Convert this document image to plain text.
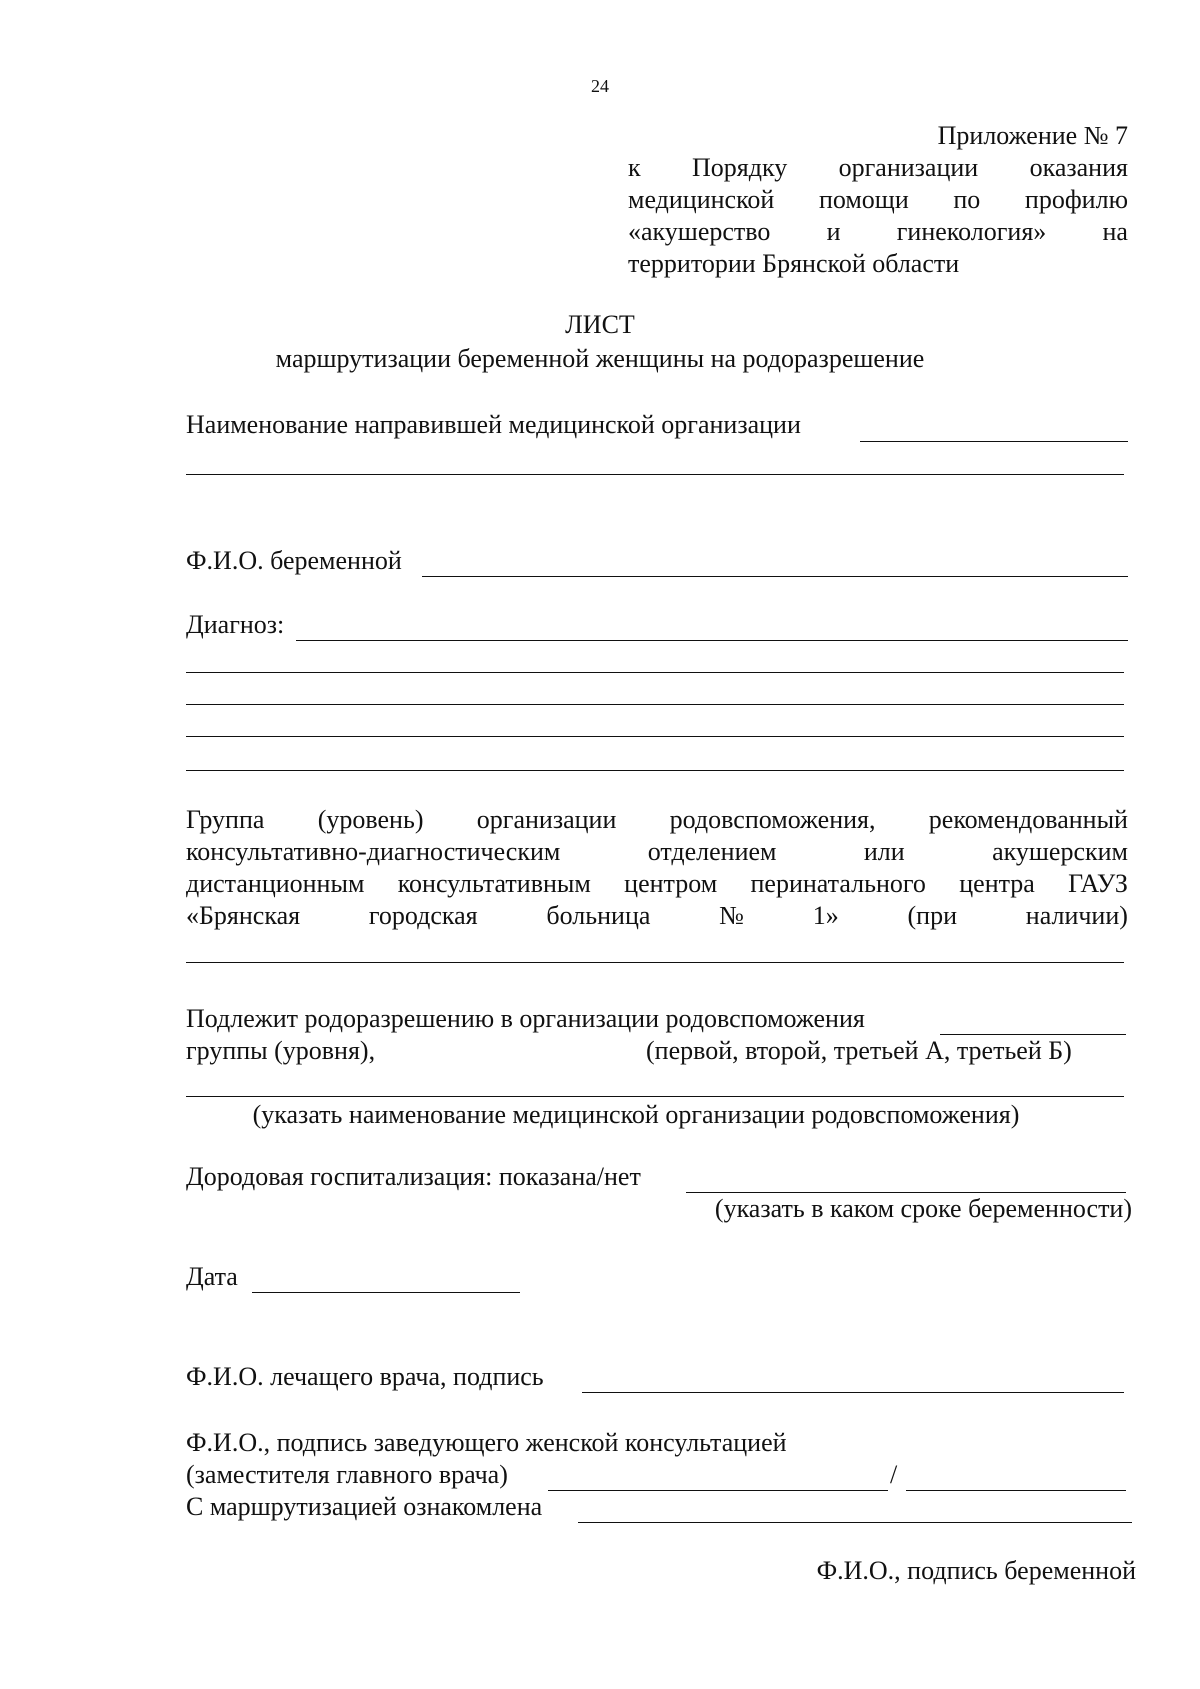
24
Приложение № 7
к Порядку организации оказания
медицинской помощи по профилю
«акушерство и гинекология» на
территории Брянской области
ЛИСТ
маршрутизации беременной женщины на родоразрешение
Наименование направившей медицинской организации
Ф.И.О. беременной
Диагноз:
Группа (уровень) организации родовспоможения, рекомендованный
консультативно-диагностическим	отделением	или	акушерским
дистанционным консультативным центром перинатального центра ГАУЗ
«Брянская	городская	больница	№	1»	(при	наличии)
Подлежит родоразрешению в организации родовспоможения
группы (уровня),	(первой, второй, третьей А, третьей Б)
(указать наименование медицинской организации родовспоможения)
Дородовая госпитализация: показана/нет
(указать в каком сроке беременности)
Дата
Ф.И.О. лечащего врача, подпись
Ф.И.О., подпись заведующего женской консультацией
(заместителя главного врача)	/
С маршрутизацией ознакомлена
Ф.И.О., подпись беременной
